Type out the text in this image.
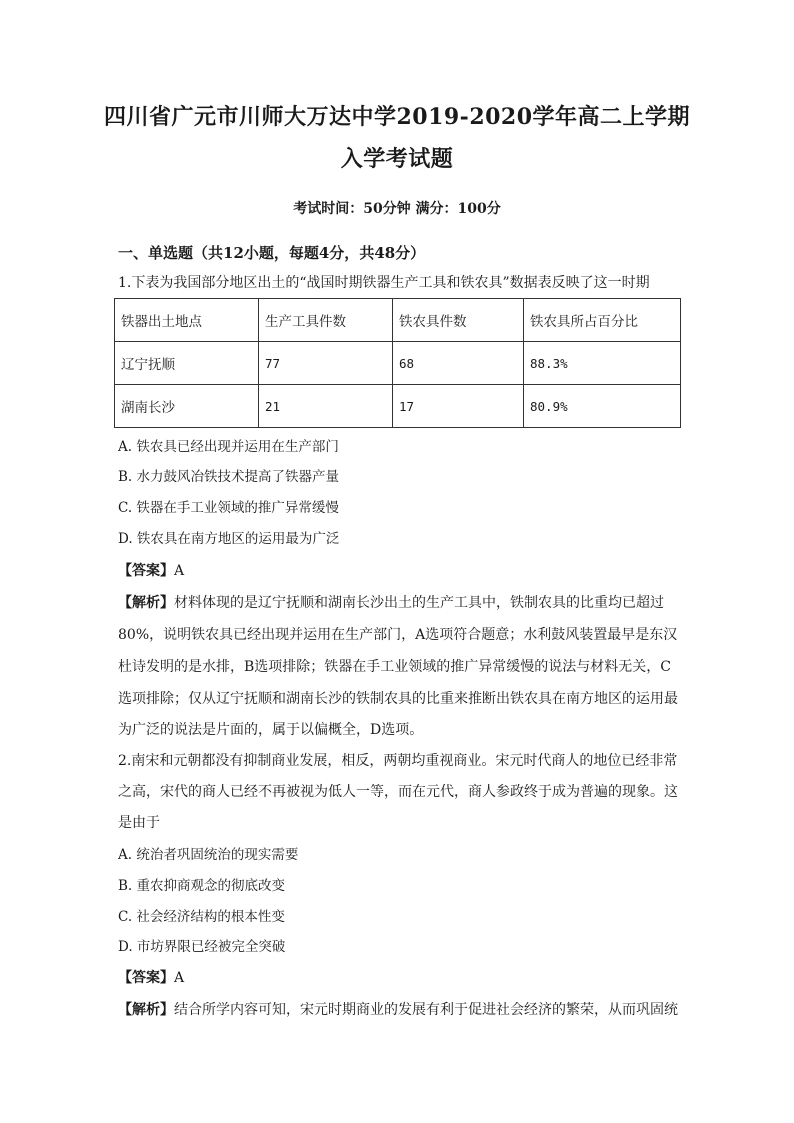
四川省广元市川师大万达中学2019-2020学年高二上学期
入学考试题
考试时间：50分钟 满分：100分
一、单选题（共12小题，每题4分，共48分）
1.下表为我国部分地区出土的“战国时期铁器生产工具和铁农具”数据表反映了这一时期
铁器出土地点	生产工具件数	铁农具件数	铁农具所占百分比
辽宁抚顺	77	68	88.3%
湖南长沙	21	17	80.9%
A. 铁农具已经出现并运用在生产部门
B. 水力鼓风冶铁技术提高了铁器产量
C. 铁器在手工业领域的推广异常缓慢
D. 铁农具在南方地区的运用最为广泛
【答案】A
【解析】材料体现的是辽宁抚顺和湖南长沙出土的生产工具中，铁制农具的比重均已超过
80%，说明铁农具已经出现并运用在生产部门，A选项符合题意；水利鼓风装置最早是东汉
杜诗发明的是水排，B选项排除；铁器在手工业领域的推广异常缓慢的说法与材料无关，C
选项排除；仅从辽宁抚顺和湖南长沙的铁制农具的比重来推断出铁农具在南方地区的运用最
为广泛的说法是片面的，属于以偏概全，D选项。
2.南宋和元朝都没有抑制商业发展，相反，两朝均重视商业。宋元时代商人的地位已经非常
之高，宋代的商人已经不再被视为低人一等，而在元代，商人参政终于成为普遍的现象。这
是由于
A. 统治者巩固统治的现实需要
B. 重农抑商观念的彻底改变
C. 社会经济结构的根本性变
D. 市坊界限已经被完全突破
【答案】A
【解析】结合所学内容可知，宋元时期商业的发展有利于促进社会经济的繁荣，从而巩固统
